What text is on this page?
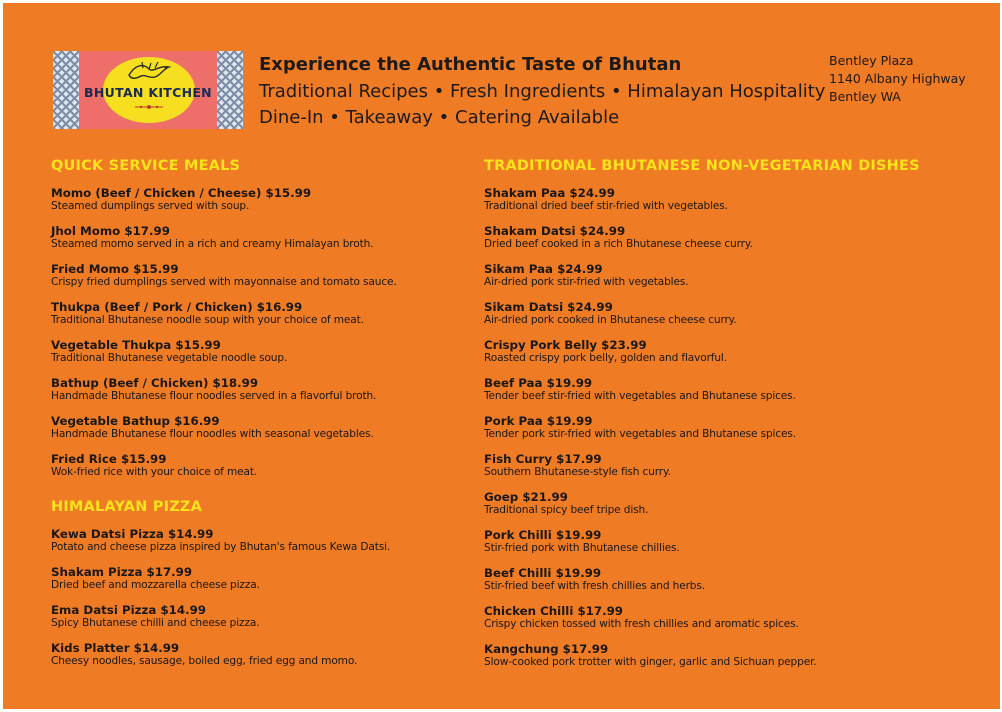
BHUTAN KITCHEN
Experience the Authentic Taste of Bhutan
Traditional Recipes • Fresh Ingredients • Himalayan Hospitality
Dine-In • Takeaway • Catering Available
Bentley Plaza
1140 Albany Highway
Bentley WA
QUICK SERVICE MEALS
Momo (Beef / Chicken / Cheese) $15.99
Steamed dumplings served with soup.
Jhol Momo $17.99
Steamed momo served in a rich and creamy Himalayan broth.
Fried Momo $15.99
Crispy fried dumplings served with mayonnaise and tomato sauce.
Thukpa (Beef / Pork / Chicken) $16.99
Traditional Bhutanese noodle soup with your choice of meat.
Vegetable Thukpa $15.99
Traditional Bhutanese vegetable noodle soup.
Bathup (Beef / Chicken) $18.99
Handmade Bhutanese flour noodles served in a flavorful broth.
Vegetable Bathup $16.99
Handmade Bhutanese flour noodles with seasonal vegetables.
Fried Rice $15.99
Wok-fried rice with your choice of meat.
HIMALAYAN PIZZA
Kewa Datsi Pizza $14.99
Potato and cheese pizza inspired by Bhutan's famous Kewa Datsi.
Shakam Pizza $17.99
Dried beef and mozzarella cheese pizza.
Ema Datsi Pizza $14.99
Spicy Bhutanese chilli and cheese pizza.
Kids Platter $14.99
Cheesy noodles, sausage, boiled egg, fried egg and momo.
TRADITIONAL BHUTANESE NON-VEGETARIAN DISHES
Shakam Paa $24.99
Traditional dried beef stir-fried with vegetables.
Shakam Datsi $24.99
Dried beef cooked in a rich Bhutanese cheese curry.
Sikam Paa $24.99
Air-dried pork stir-fried with vegetables.
Sikam Datsi $24.99
Air-dried pork cooked in Bhutanese cheese curry.
Crispy Pork Belly $23.99
Roasted crispy pork belly, golden and flavorful.
Beef Paa $19.99
Tender beef stir-fried with vegetables and Bhutanese spices.
Pork Paa $19.99
Tender pork stir-fried with vegetables and Bhutanese spices.
Fish Curry $17.99
Southern Bhutanese-style fish curry.
Goep $21.99
Traditional spicy beef tripe dish.
Pork Chilli $19.99
Stir-fried pork with Bhutanese chillies.
Beef Chilli $19.99
Stir-fried beef with fresh chillies and herbs.
Chicken Chilli $17.99
Crispy chicken tossed with fresh chillies and aromatic spices.
Kangchung $17.99
Slow-cooked pork trotter with ginger, garlic and Sichuan pepper.
